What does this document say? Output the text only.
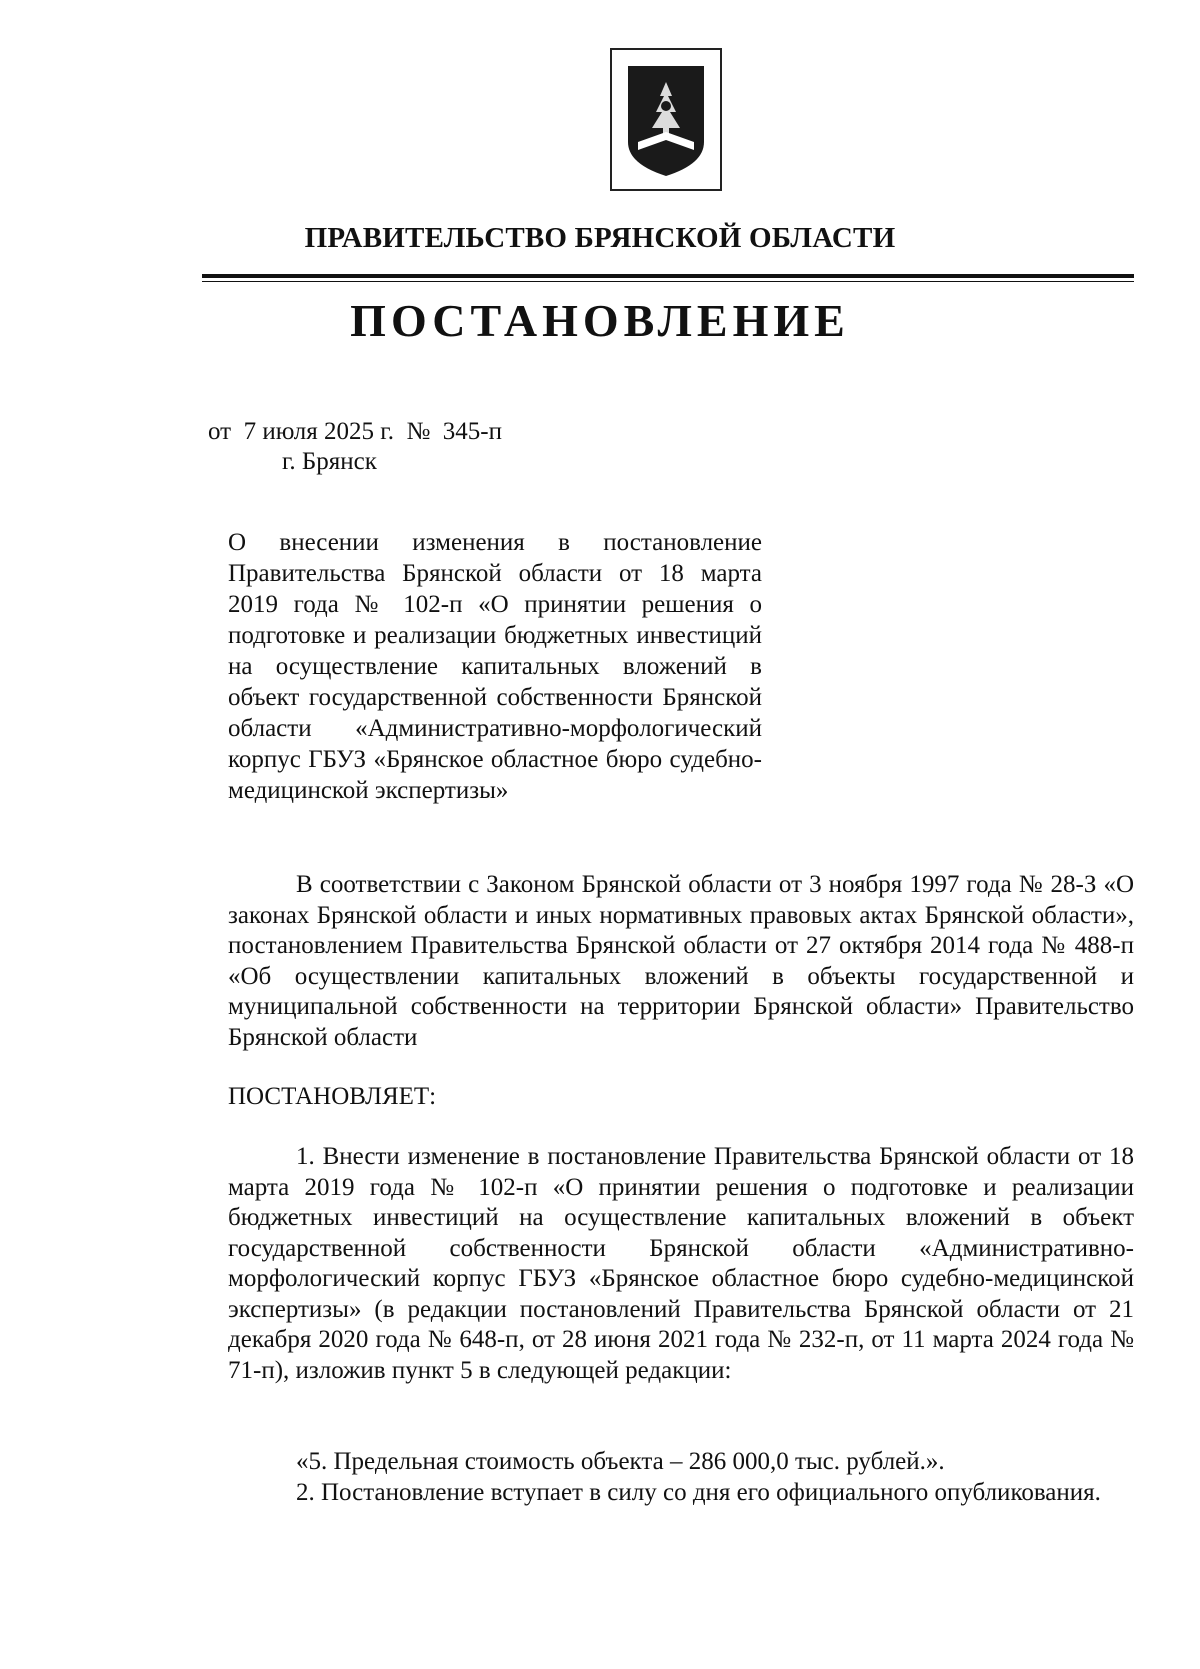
ПРАВИТЕЛЬСТВО БРЯНСКОЙ ОБЛАСТИ
ПОСТАНОВЛЕНИЕ
от  7 июля 2025 г.  №  345-п
г. Брянск
О внесении изменения в постановление Правительства Брянской области от 18 марта 2019 года № 102-п «О принятии решения о подготовке и реализации бюджетных инвестиций на осуществление капитальных вложений в объект государственной собственности Брянской области «Административно-морфологический корпус ГБУЗ «Брянское областное бюро судебно-медицинской экспертизы»

В соответствии с Законом Брянской области от 3 ноября 1997 года № 28-З «О законах Брянской области и иных нормативных правовых актах Брянской области», постановлением Правительства Брянской области от 27 октября 2014 года № 488-п «Об осуществлении капитальных вложений в объекты государственной и муниципальной собственности на территории Брянской области» Правительство Брянской области

ПОСТАНОВЛЯЕТ:

1. Внести изменение в постановление Правительства Брянской области от 18 марта 2019 года № 102-п «О принятии решения о подготовке и реализации бюджетных инвестиций на осуществление капитальных вложений в объект государственной собственности Брянской области «Административно-морфологический корпус ГБУЗ «Брянское областное бюро судебно-медицинской экспертизы» (в редакции постановлений Правительства Брянской области от 21 декабря 2020 года № 648-п, от 28 июня 2021 года № 232-п, от 11 марта 2024 года № 71-п), изложив пункт 5 в следующей редакции:

«5. Предельная стоимость объекта – 286 000,0 тыс. рублей.».

2. Постановление вступает в силу со дня его официального опубликования.
